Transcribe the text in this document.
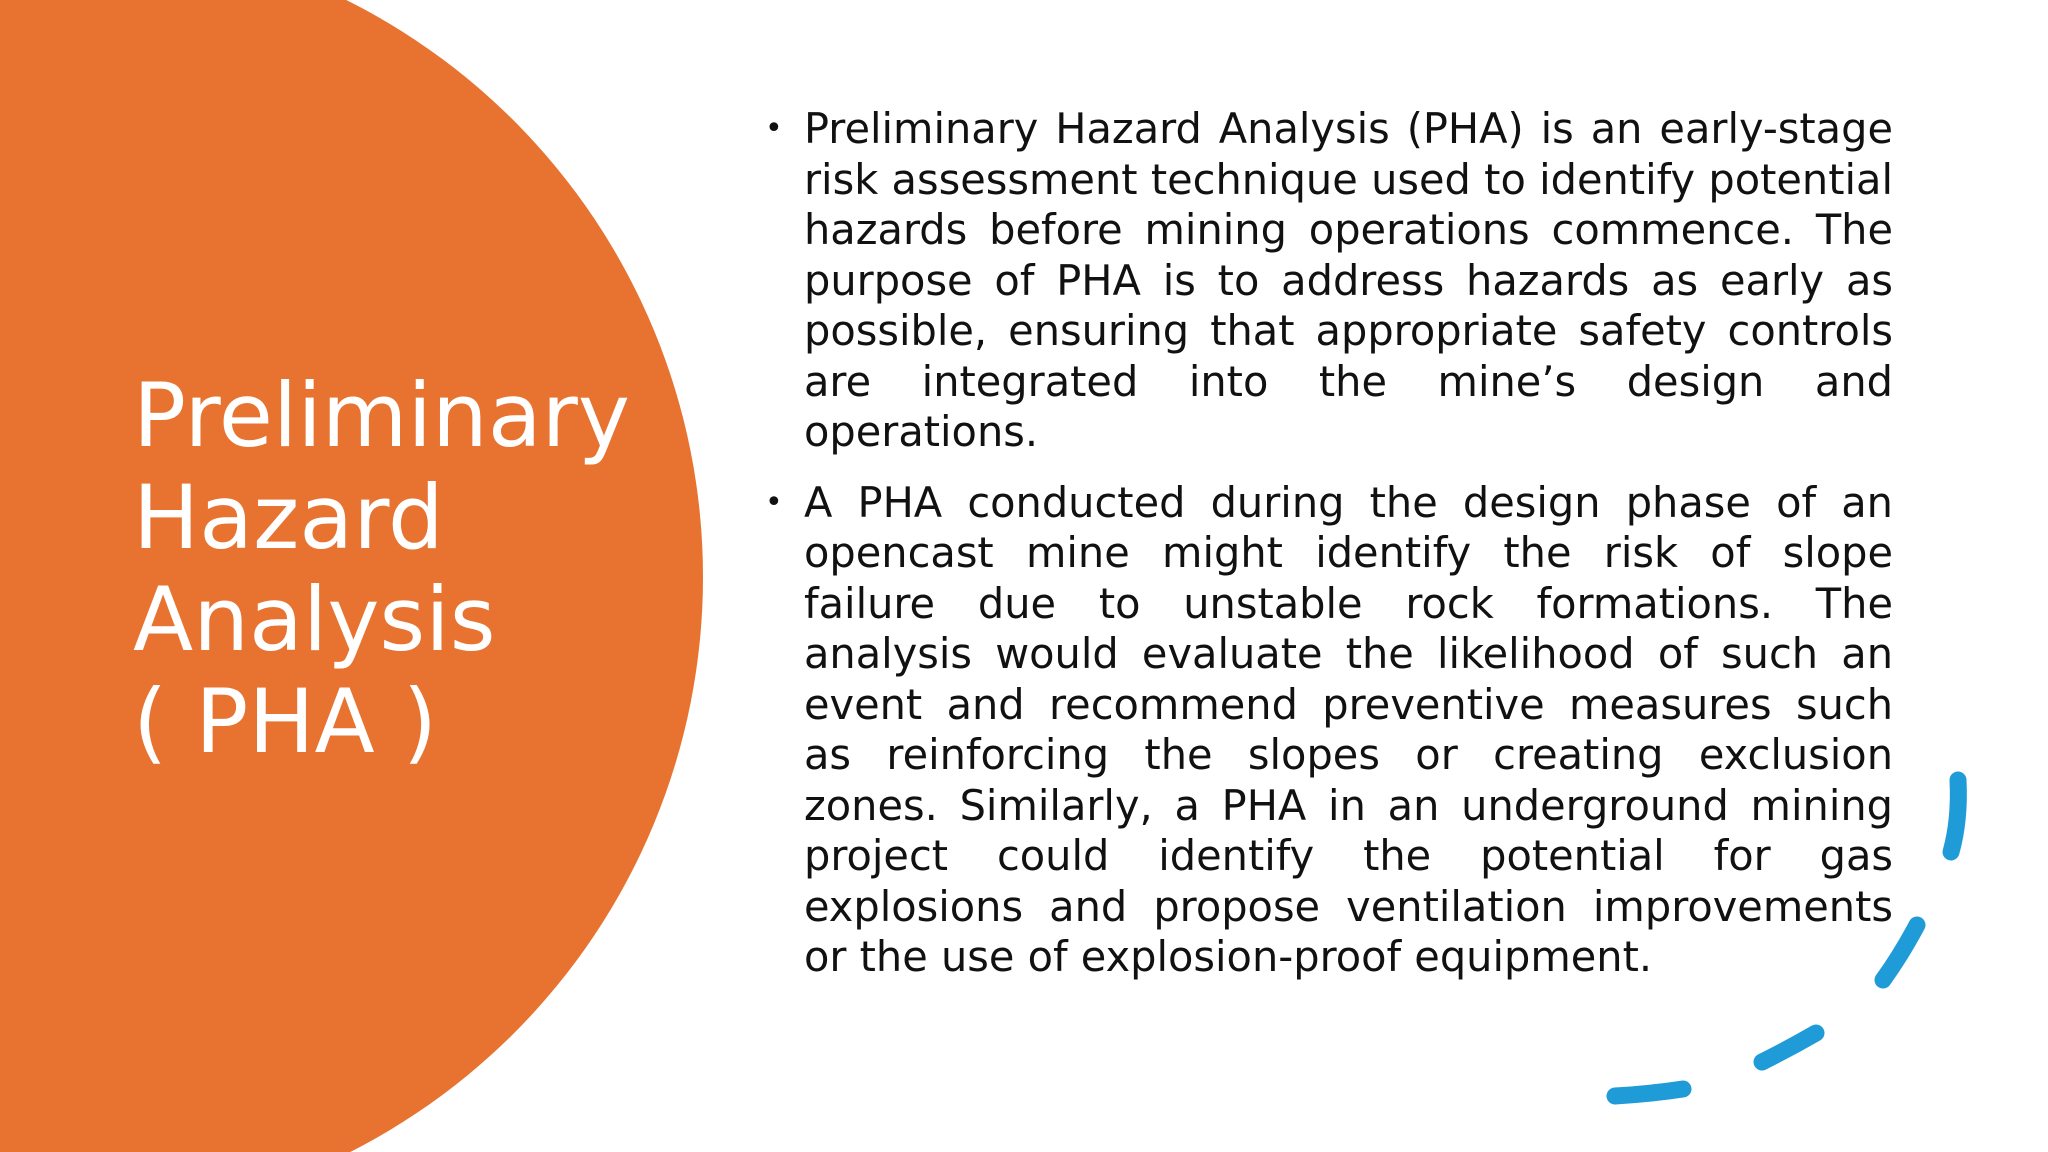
Preliminary
Hazard
Analysis
( PHA )
• Preliminary Hazard Analysis (PHA) is an early-stage risk assessment technique used to identify potential hazards before mining operations commence. The purpose of PHA is to address hazards as early as possible, ensuring that appropriate safety controls are integrated into the mine’s design and operations.
• A PHA conducted during the design phase of an opencast mine might identify the risk of slope failure due to unstable rock formations. The analysis would evaluate the likelihood of such an event and recommend preventive measures such as reinforcing the slopes or creating exclusion zones. Similarly, a PHA in an underground mining project could identify the potential for gas explosions and propose ventilation improvements or the use of explosion-proof equipment.
